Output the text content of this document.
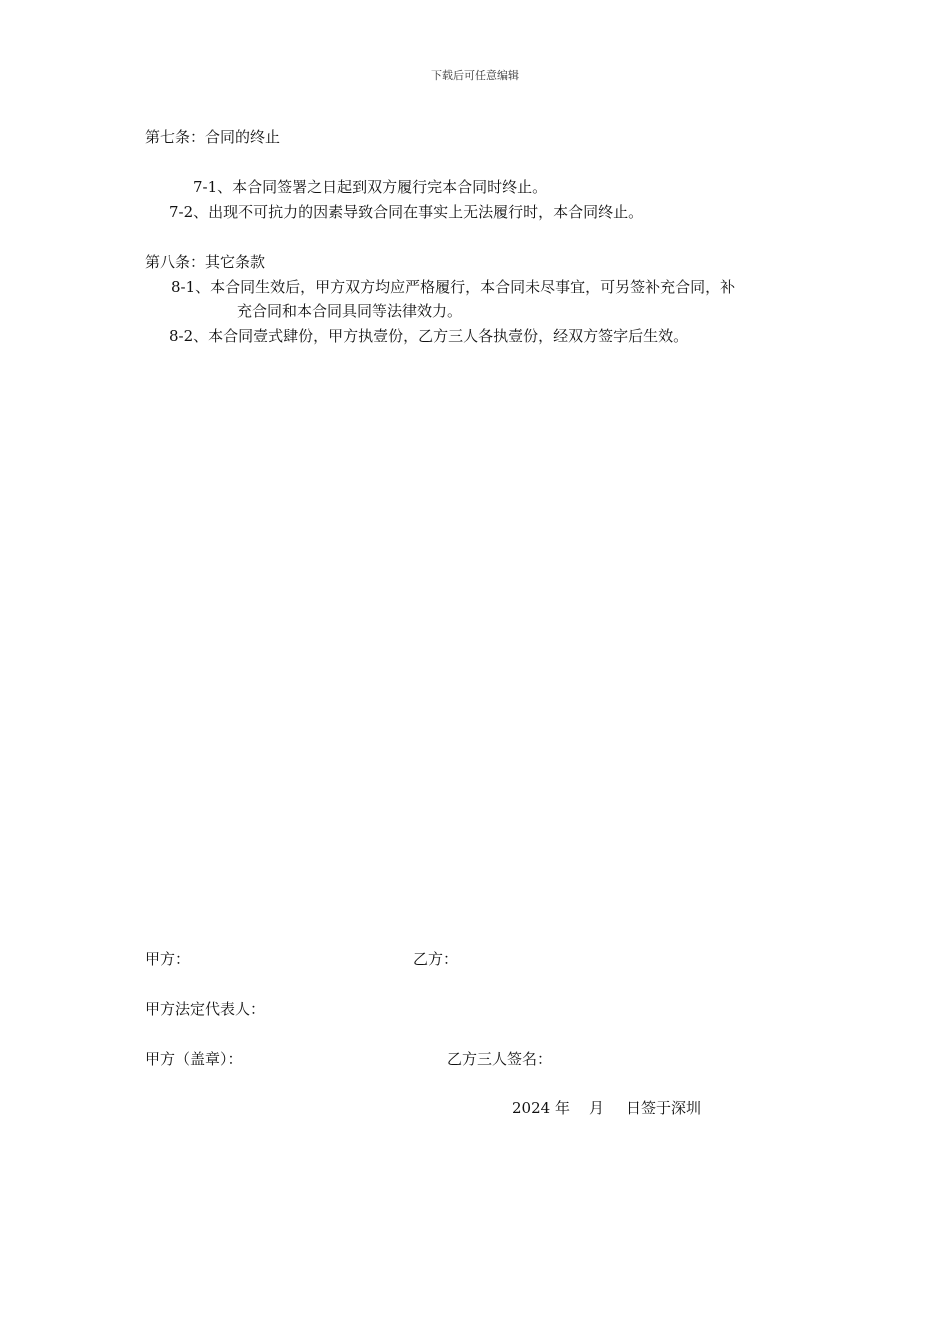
下载后可任意编辑
第七条：合同的终止
7-1、本合同签署之日起到双方履行完本合同时终止。
7-2、出现不可抗力的因素导致合同在事实上无法履行时，本合同终止。
第八条：其它条款
8-1、本合同生效后，甲方双方均应严格履行，本合同未尽事宜，可另签补充合同，补
充合同和本合同具同等法律效力。
8-2、本合同壹式肆份，甲方执壹份，乙方三人各执壹份，经双方签字后生效。
甲方：	乙方：
甲方法定代表人：
甲方（盖章）：	乙方三人签名：
2024 年 月 日签于深圳
